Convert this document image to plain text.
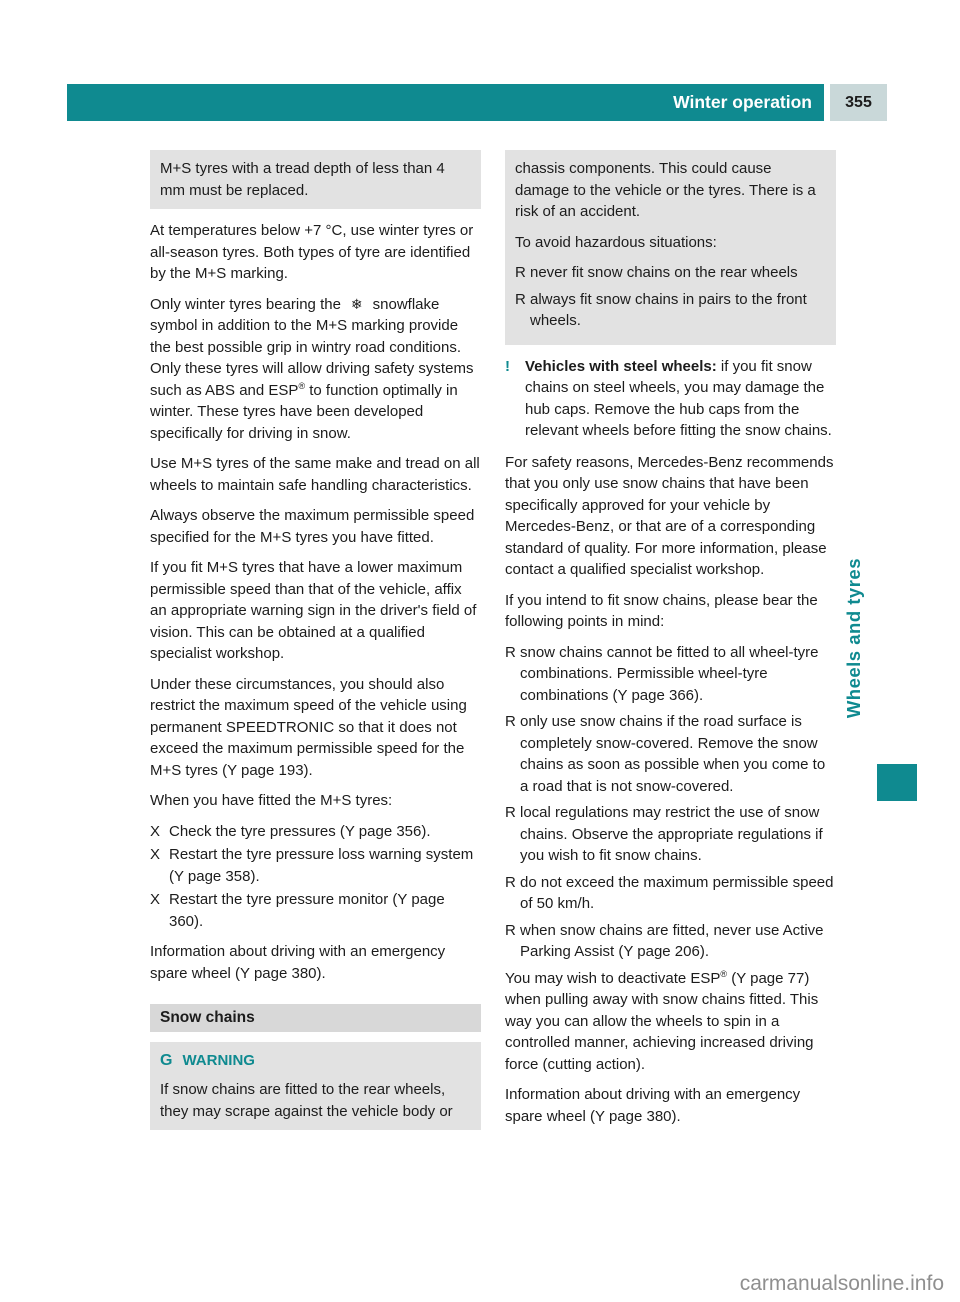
Winter operation	355

M+S tyres with a tread depth of less than 4 mm must be replaced.

At temperatures below +7 °C, use winter tyres or all-season tyres. Both types of tyre are identified by the M+S marking.

Only winter tyres bearing the ❄ snowflake symbol in addition to the M+S marking provide the best possible grip in wintry road conditions. Only these tyres will allow driving safety systems such as ABS and ESP® to function optimally in winter. These tyres have been developed specifically for driving in snow.

Use M+S tyres of the same make and tread on all wheels to maintain safe handling characteristics.

Always observe the maximum permissible speed specified for the M+S tyres you have fitted.

If you fit M+S tyres that have a lower maximum permissible speed than that of the vehicle, affix an appropriate warning sign in the driver's field of vision. This can be obtained at a qualified specialist workshop.

Under these circumstances, you should also restrict the maximum speed of the vehicle using permanent SPEEDTRONIC so that it does not exceed the maximum permissible speed for the M+S tyres (Y page 193).

When you have fitted the M+S tyres:

X Check the tyre pressures (Y page 356).
X Restart the tyre pressure loss warning system (Y page 358).
X Restart the tyre pressure monitor (Y page 360).

Information about driving with an emergency spare wheel (Y page 380).

Snow chains
G WARNING

If snow chains are fitted to the rear wheels, they may scrape against the vehicle body or

chassis components. This could cause damage to the vehicle or the tyres. There is a risk of an accident.

To avoid hazardous situations:

R never fit snow chains on the rear wheels
R always fit snow chains in pairs to the front wheels.
!	Vehicles with steel wheels: if you fit snow chains on steel wheels, you may damage the hub caps. Remove the hub caps from the relevant wheels before fitting the snow chains.

For safety reasons, Mercedes-Benz recommends that you only use snow chains that have been specifically approved for your vehicle by Mercedes-Benz, or that are of a corresponding standard of quality. For more information, please contact a qualified specialist workshop.

If you intend to fit snow chains, please bear the following points in mind:

R snow chains cannot be fitted to all wheel-tyre combinations. Permissible wheel-tyre combinations (Y page 366).
R only use snow chains if the road surface is completely snow-covered. Remove the snow chains as soon as possible when you come to a road that is not snow-covered.
R local regulations may restrict the use of snow chains. Observe the appropriate regulations if you wish to fit snow chains.
R do not exceed the maximum permissible speed of 50 km/h.
R when snow chains are fitted, never use Active Parking Assist (Y page 206).

You may wish to deactivate ESP® (Y page 77) when pulling away with snow chains fitted. This way you can allow the wheels to spin in a controlled manner, achieving increased driving force (cutting action).

Information about driving with an emergency spare wheel (Y page 380).

Wheels and tyres
carmanualsonline.info
